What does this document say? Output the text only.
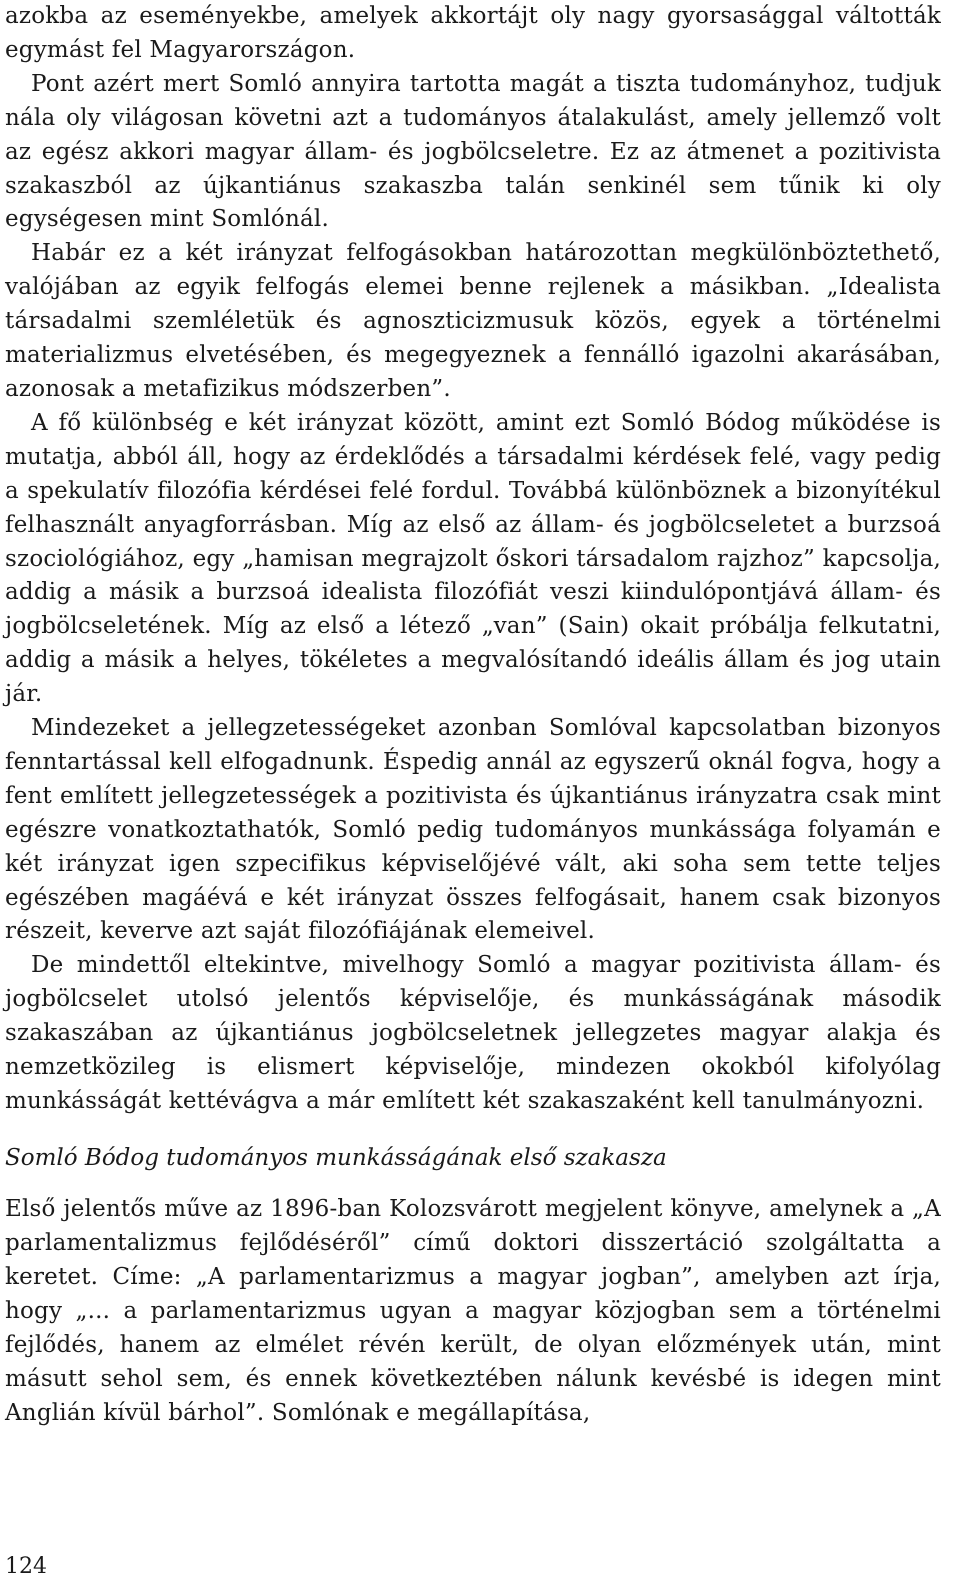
azokba az eseményekbe, amelyek akkortájt oly nagy gyorsasággal váltották egymást fel Magyarországon.

Pont azért mert Somló annyira tartotta magát a tiszta tudományhoz, tudjuk nála oly világosan követni azt a tudományos átalakulást, amely jellemző volt az egész akkori magyar állam- és jogbölcseletre. Ez az átmenet a pozitivista szakaszból az újkantiánus szakaszba talán senkinél sem tűnik ki oly egységesen mint Somlónál.

Habár ez a két irányzat felfogásokban határozottan megkülönböztethető, valójában az egyik felfogás elemei benne rejlenek a másikban. „Idealista társadalmi szemléletük és agnoszticizmusuk közös, egyek a történelmi materializmus elvetésében, és megegyeznek a fennálló igazolni akarásában, azonosak a metafizikus módszerben”.

A fő különbség e két irányzat között, amint ezt Somló Bódog működése is mutatja, abból áll, hogy az érdeklődés a társadalmi kérdések felé, vagy pedig a spekulatív filozófia kérdései felé fordul. Továbbá különböznek a bizonyítékul felhasznált anyagforrásban. Míg az első az állam- és jogbölcseletet a burzsoá szociológiához, egy „hamisan megrajzolt őskori társadalom rajzhoz” kapcsolja, addig a másik a burzsoá idealista filozófiát veszi kiindulópontjává állam- és jogbölcseletének. Míg az első a létező „van” (Sain) okait próbálja felkutatni, addig a másik a helyes, tökéletes a megvalósítandó ideális állam és jog utain jár.

Mindezeket a jellegzetességeket azonban Somlóval kapcsolatban bizonyos fenntartással kell elfogadnunk. Éspedig annál az egyszerű oknál fogva, hogy a fent említett jellegzetességek a pozitivista és újkantiánus irányzatra csak mint egészre vonatkoztathatók, Somló pedig tudományos munkássága folyamán e két irányzat igen szpecifikus képviselőjévé vált, aki soha sem tette teljes egészében magáévá e két irányzat összes felfogásait, hanem csak bizonyos részeit, keverve azt saját filozófiájának elemeivel.

De mindettől eltekintve, mivelhogy Somló a magyar pozitivista állam- és jogbölcselet utolsó jelentős képviselője, és munkásságának második szakaszában az újkantiánus jogbölcseletnek jellegzetes magyar alakja és nemzetközileg is elismert képviselője, mindezen okokból kifolyólag munkásságát kettévágva a már említett két szakaszaként kell tanulmányozni.

Somló Bódog tudományos munkásságának első szakasza

Első jelentős műve az 1896-ban Kolozsvárott megjelent könyve, amelynek a „A parlamentalizmus fejlődéséről” című doktori disszertáció szolgáltatta a keretet. Címe: „A parlamentarizmus a magyar jogban”, amelyben azt írja, hogy „... a parlamentarizmus ugyan a magyar közjogban sem a történelmi fejlődés, hanem az elmélet révén került, de olyan előzmények után, mint másutt sehol sem, és ennek következtében nálunk kevésbé is idegen mint Anglián kívül bárhol”. Somlónak e megállapítása,

124
